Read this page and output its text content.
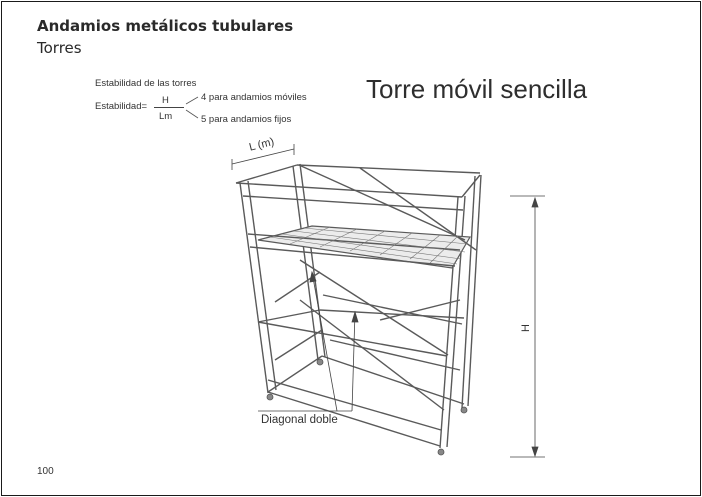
Andamios metálicos tubulares
Torres
Estabilidad de las torres
Estabilidad=
H
Lm
4 para andamios móviles
5 para andamios fijos
Torre móvil sencilla
L (m)
H
Diagonal doble
100
